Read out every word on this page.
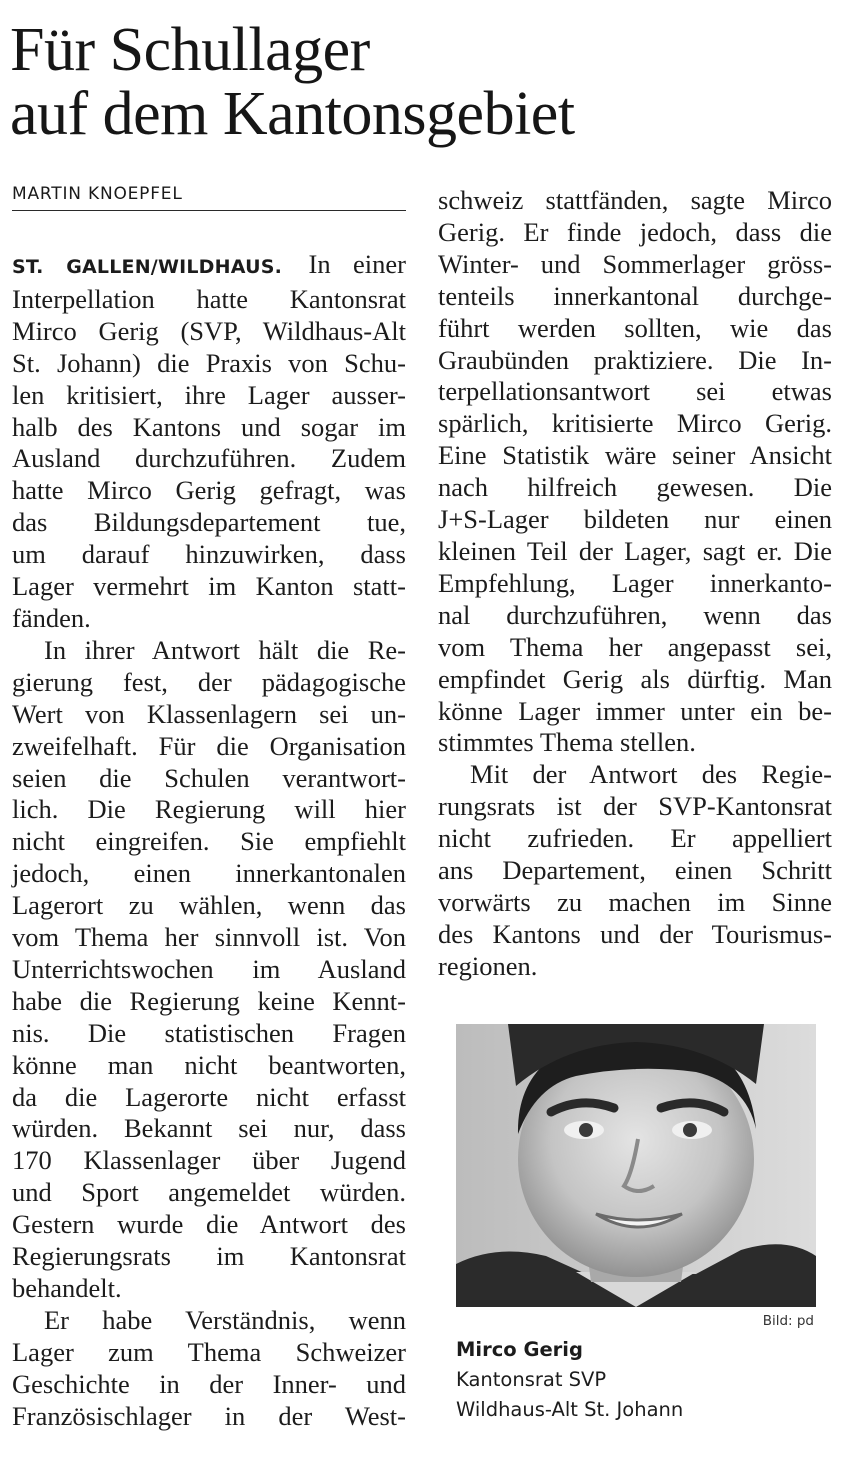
Für Schullager
auf dem Kantonsgebiet
MARTIN KNOEPFEL
ST. GALLEN/WILDHAUS.  In einer
Interpellation hatte Kantonsrat
Mirco Gerig (SVP, Wildhaus-Alt
St. Johann) die Praxis von Schu-
len kritisiert, ihre Lager ausser-
halb des Kantons und sogar im
Ausland durchzuführen. Zudem
hatte Mirco Gerig gefragt, was
das Bildungsdepartement tue,
um darauf hinzuwirken, dass
Lager vermehrt im Kanton statt-
fänden.
In ihrer Antwort hält die Re-
gierung fest, der pädagogische
Wert von Klassenlagern sei un-
zweifelhaft. Für die Organisation
seien die Schulen verantwort-
lich. Die Regierung will hier
nicht eingreifen. Sie empfiehlt
jedoch, einen innerkantonalen
Lagerort zu wählen, wenn das
vom Thema her sinnvoll ist. Von
Unterrichtswochen im Ausland
habe die Regierung keine Kennt-
nis. Die statistischen Fragen
könne man nicht beantworten,
da die Lagerorte nicht erfasst
würden. Bekannt sei nur, dass
170 Klassenlager über Jugend
und Sport angemeldet würden.
Gestern wurde die Antwort des
Regierungsrats im Kantonsrat
behandelt.
Er habe Verständnis, wenn
Lager zum Thema Schweizer
Geschichte in der Inner- und
Französischlager in der West-
schweiz stattfänden, sagte Mirco
Gerig. Er finde jedoch, dass die
Winter- und Sommerlager gröss-
tenteils innerkantonal durchge-
führt werden sollten, wie das
Graubünden praktiziere. Die In-
terpellationsantwort sei etwas
spärlich, kritisierte Mirco Gerig.
Eine Statistik wäre seiner Ansicht
nach hilfreich gewesen. Die
J+S-Lager bildeten nur einen
kleinen Teil der Lager, sagt er. Die
Empfehlung, Lager innerkanto-
nal durchzuführen, wenn das
vom Thema her angepasst sei,
empfindet Gerig als dürftig. Man
könne Lager immer unter ein be-
stimmtes Thema stellen.
Mit der Antwort des Regie-
rungsrats ist der SVP-Kantonsrat
nicht zufrieden. Er appelliert
ans Departement, einen Schritt
vorwärts zu machen im Sinne
des Kantons und der Tourismus-
regionen.
Bild: pd
Mirco Gerig
Kantonsrat SVP
Wildhaus-Alt St. Johann
